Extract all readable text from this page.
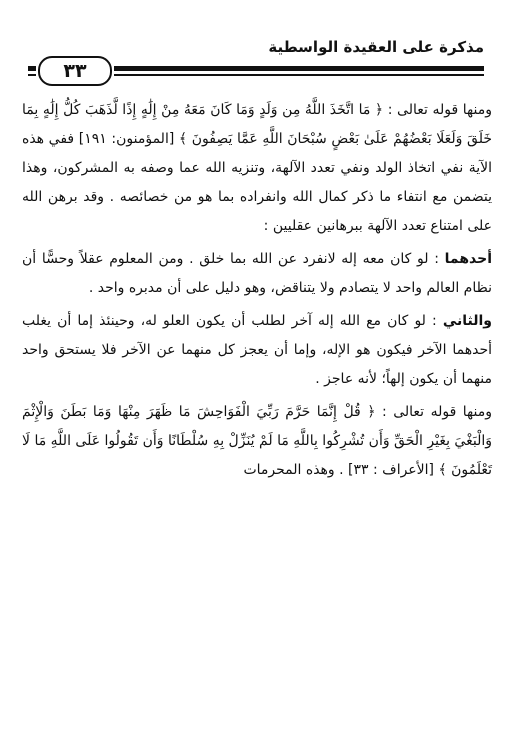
مذكرة على العقيدة الواسطية
٣٣

ومنها قوله تعالى : ﴿ مَا اتَّخَذَ اللَّهُ مِن وَلَدٍ وَمَا كَانَ مَعَهُ مِنْ إِلَٰهٍ إِذًا لَّذَهَبَ كُلُّ إِلَٰهٍ بِمَا خَلَقَ وَلَعَلَا بَعْضُهُمْ عَلَىٰ بَعْضٍ سُبْحَانَ اللَّهِ عَمَّا يَصِفُونَ ﴾ [المؤمنون: ١٩١] ففي هذه الآية نفي اتخاذ الولد ونفي تعدد الآلهة، وتنزيه الله عما وصفه به المشركون، وهذا يتضمن مع انتفاء ما ذكر كمال الله وانفراده بما هو من خصائصه . وقد برهن الله على امتناع تعدد الآلهة ببرهانين عقليين :

أحدهما : لو كان معه إله لانفرد عن الله بما خلق . ومن المعلوم عقلاً وحسًّا أن نظام العالم واحد لا يتصادم ولا يتناقض، وهو دليل على أن مدبره واحد .

والثاني : لو كان مع الله إله آخر لطلب أن يكون العلو له، وحينئذ إما أن يغلب أحدهما الآخر فيكون هو الإله، وإما أن يعجز كل منهما عن الآخر فلا يستحق واحد منهما أن يكون إلهاً؛ لأنه عاجز .

ومنها قوله تعالى : ﴿ قُلْ إِنَّمَا حَرَّمَ رَبِّيَ الْفَوَاحِشَ مَا ظَهَرَ مِنْهَا وَمَا بَطَنَ وَالْإِثْمَ وَالْبَغْيَ بِغَيْرِ الْحَقِّ وَأَن تُشْرِكُوا بِاللَّهِ مَا لَمْ يُنَزِّلْ بِهِ سُلْطَانًا وَأَن تَقُولُوا عَلَى اللَّهِ مَا لَا تَعْلَمُونَ ﴾ [الأعراف : ٣٣] . وهذه المحرمات
